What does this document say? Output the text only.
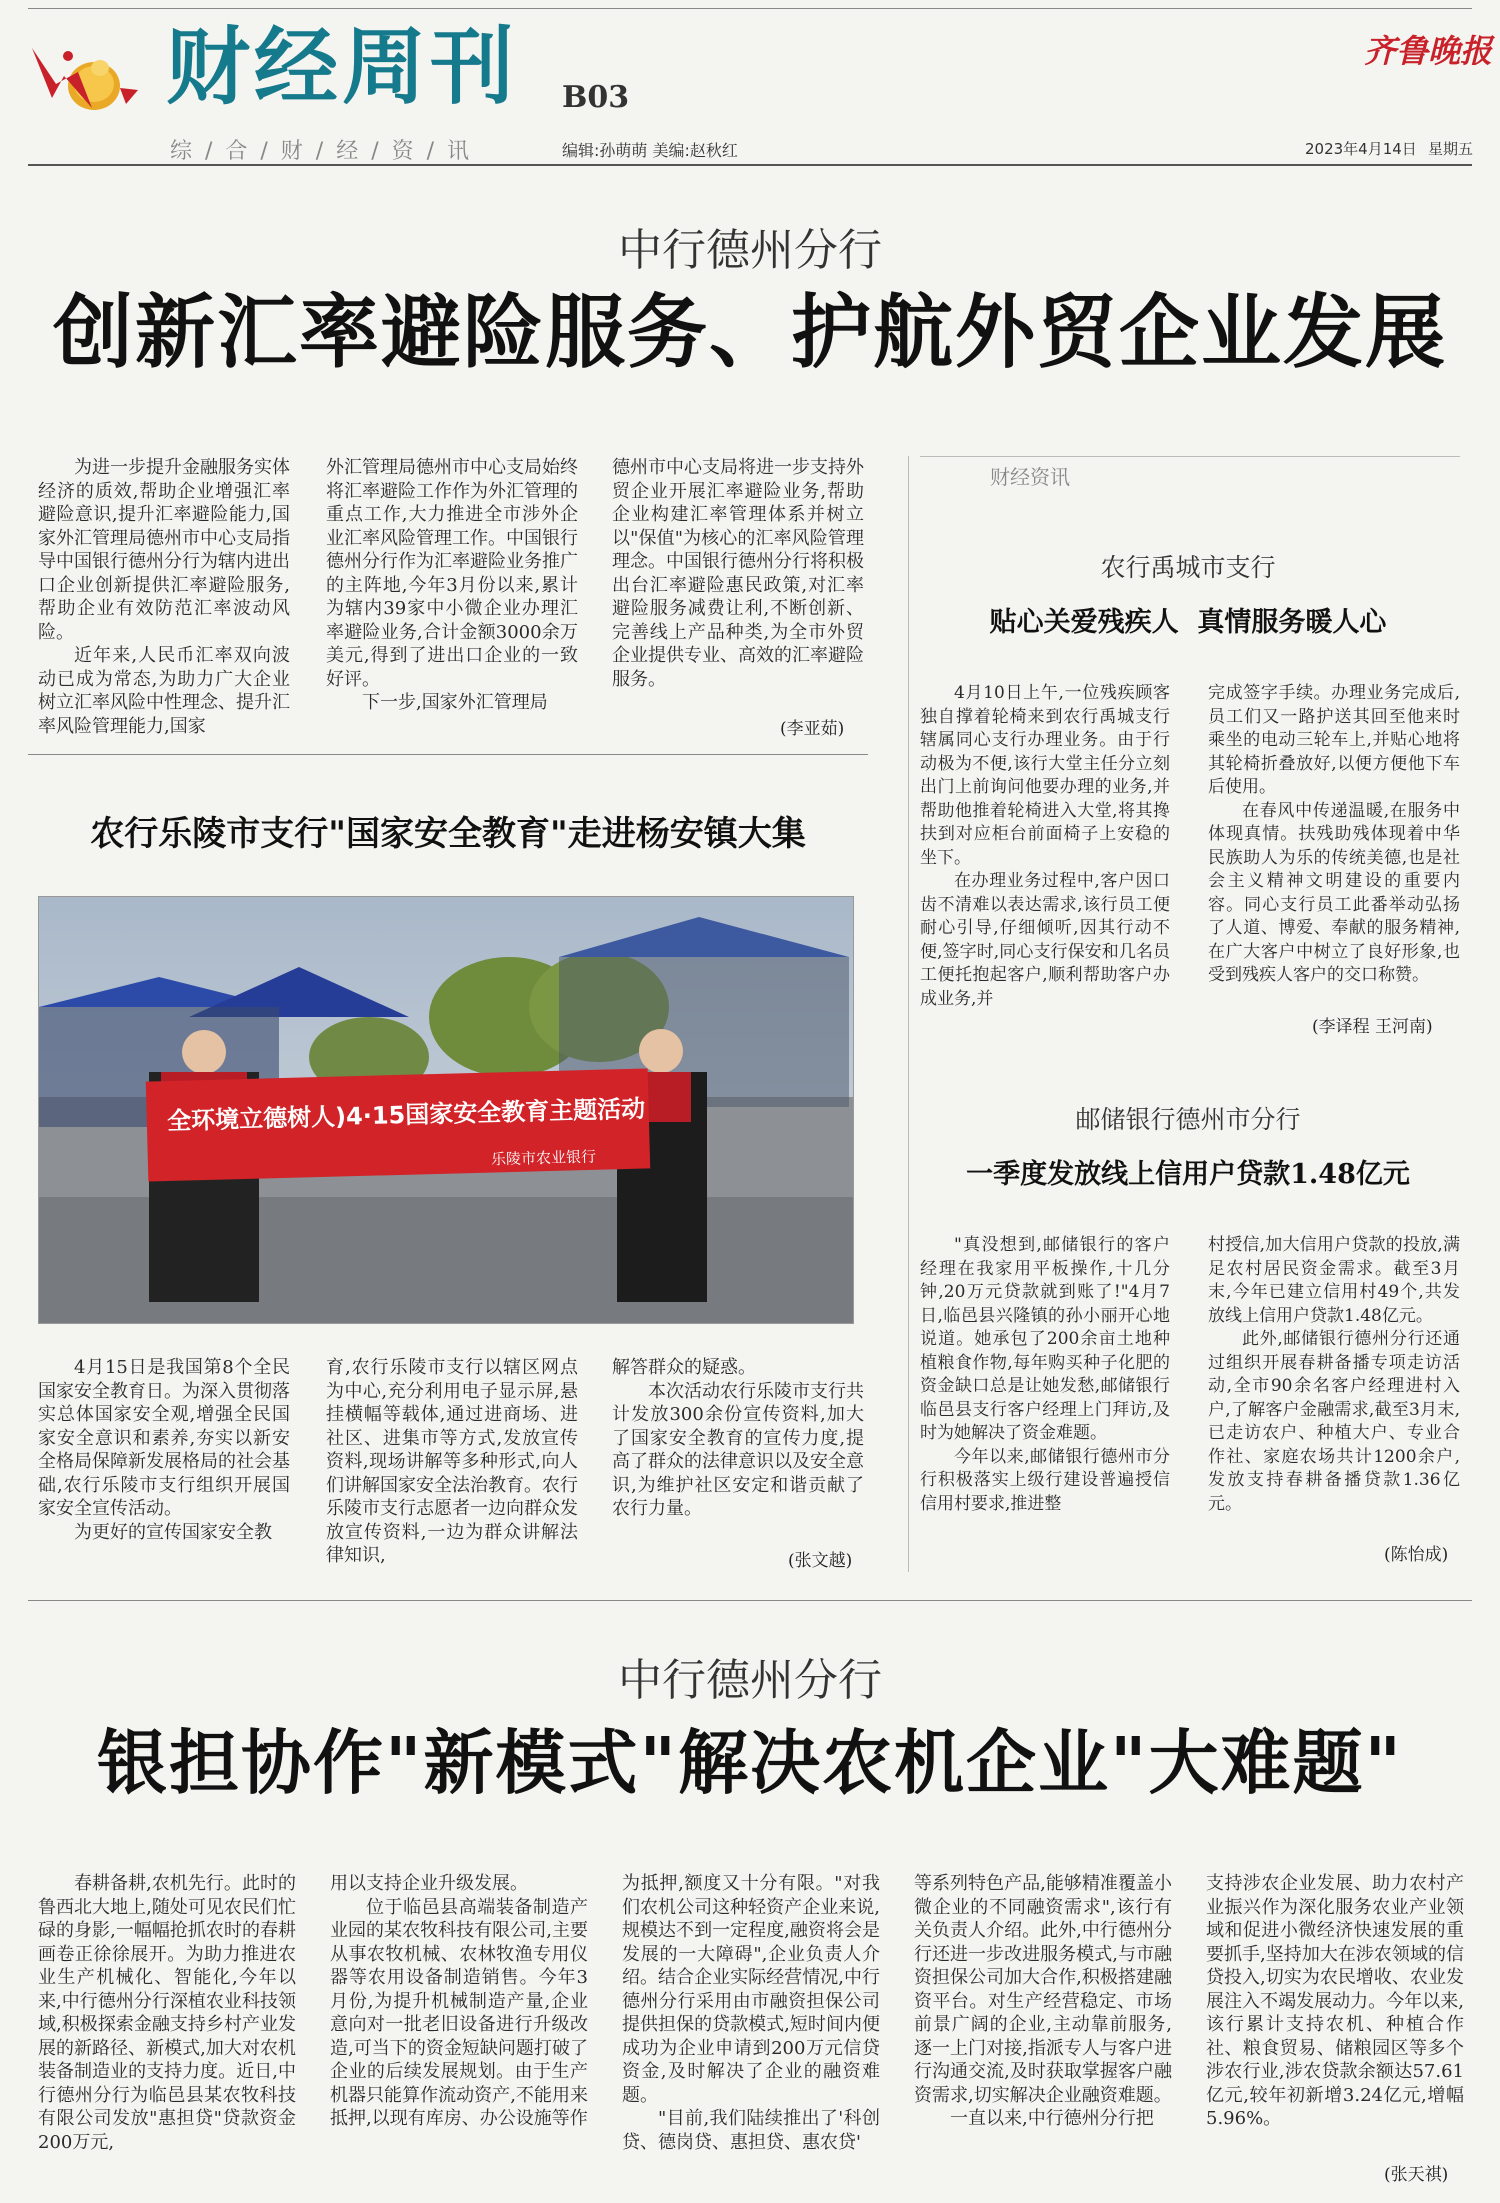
财经周刊 B03
综 / 合 / 财 / 经 / 资 / 讯	编辑:孙萌萌 美编:赵秋红	2023年4月14日 星期五
齐鲁晚报
中行德州分行
创新汇率避险服务、护航外贸企业发展

为进一步提升金融服务实体经济的质效,帮助企业增强汇率避险意识,提升汇率避险能力,国家外汇管理局德州市中心支局指导中国银行德州分行为辖内进出口企业创新提供汇率避险服务,帮助企业有效防范汇率波动风险。

近年来,人民币汇率双向波动已成为常态,为助力广大企业树立汇率风险中性理念、提升汇率风险管理能力,国家

外汇管理局德州市中心支局始终将汇率避险工作作为外汇管理的重点工作,大力推进全市涉外企业汇率风险管理工作。中国银行德州分行作为汇率避险业务推广的主阵地,今年3月份以来,累计为辖内39家中小微企业办理汇率避险业务,合计金额3000余万美元,得到了进出口企业的一致好评。

下一步,国家外汇管理局

德州市中心支局将进一步支持外贸企业开展汇率避险业务,帮助企业构建汇率管理体系并树立以"保值"为核心的汇率风险管理理念。中国银行德州分行将积极出台汇率避险惠民政策,对汇率避险服务减费让利,不断创新、完善线上产品种类,为全市外贸企业提供专业、高效的汇率避险服务。

(李亚茹)
农行乐陵市支行"国家安全教育"走进杨安镇大集
全环境立德树人)4·15国家安全教育主题活动
乐陵市农业银行

4月15日是我国第8个全民国家安全教育日。为深入贯彻落实总体国家安全观,增强全民国家安全意识和素养,夯实以新安全格局保障新发展格局的社会基础,农行乐陵市支行组织开展国家安全宣传活动。

为更好的宣传国家安全教

育,农行乐陵市支行以辖区网点为中心,充分利用电子显示屏,悬挂横幅等载体,通过进商场、进社区、进集市等方式,发放宣传资料,现场讲解等多种形式,向人们讲解国家安全法治教育。农行乐陵市支行志愿者一边向群众发放宣传资料,一边为群众讲解法律知识,

解答群众的疑惑。

本次活动农行乐陵市支行共计发放300余份宣传资料,加大了国家安全教育的宣传力度,提高了群众的法律意识以及安全意识,为维护社区安定和谐贡献了农行力量。

(张文越)
财经资讯
农行禹城市支行
贴心关爱残疾人  真情服务暖人心

4月10日上午,一位残疾顾客独自撑着轮椅来到农行禹城支行辖属同心支行办理业务。由于行动极为不便,该行大堂主任分立刻出门上前询问他要办理的业务,并帮助他推着轮椅进入大堂,将其搀扶到对应柜台前面椅子上安稳的坐下。

在办理业务过程中,客户因口齿不清难以表达需求,该行员工便耐心引导,仔细倾听,因其行动不便,签字时,同心支行保安和几名员工便托抱起客户,顺利帮助客户办成业务,并

完成签字手续。办理业务完成后,员工们又一路护送其回至他来时乘坐的电动三轮车上,并贴心地将其轮椅折叠放好,以便方便他下车后使用。

在春风中传递温暖,在服务中体现真情。扶残助残体现着中华民族助人为乐的传统美德,也是社会主义精神文明建设的重要内容。同心支行员工此番举动弘扬了人道、博爱、奉献的服务精神,在广大客户中树立了良好形象,也受到残疾人客户的交口称赞。

(李译程 王河南)
邮储银行德州市分行
一季度发放线上信用户贷款1.48亿元

"真没想到,邮储银行的客户经理在我家用平板操作,十几分钟,20万元贷款就到账了!"4月7日,临邑县兴隆镇的孙小丽开心地说道。她承包了200余亩土地种植粮食作物,每年购买种子化肥的资金缺口总是让她发愁,邮储银行临邑县支行客户经理上门拜访,及时为她解决了资金难题。

今年以来,邮储银行德州市分行积极落实上级行建设普遍授信信用村要求,推进整

村授信,加大信用户贷款的投放,满足农村居民资金需求。截至3月末,今年已建立信用村49个,共发放线上信用户贷款1.48亿元。

此外,邮储银行德州分行还通过组织开展春耕备播专项走访活动,全市90余名客户经理进村入户,了解客户金融需求,截至3月末,已走访农户、种植大户、专业合作社、家庭农场共计1200余户,发放支持春耕备播贷款1.36亿元。

(陈怡成)
中行德州分行
银担协作"新模式"解决农机企业"大难题"

春耕备耕,农机先行。此时的鲁西北大地上,随处可见农民们忙碌的身影,一幅幅抢抓农时的春耕画卷正徐徐展开。为助力推进农业生产机械化、智能化,今年以来,中行德州分行深植农业科技领域,积极探索金融支持乡村产业发展的新路径、新模式,加大对农机装备制造业的支持力度。近日,中行德州分行为临邑县某农牧科技有限公司发放"惠担贷"贷款资金200万元,

用以支持企业升级发展。

位于临邑县高端装备制造产业园的某农牧科技有限公司,主要从事农牧机械、农林牧渔专用仪器等农用设备制造销售。今年3月份,为提升机械制造产量,企业意向对一批老旧设备进行升级改造,可当下的资金短缺问题打破了企业的后续发展规划。由于生产机器只能算作流动资产,不能用来抵押,以现有库房、办公设施等作

为抵押,额度又十分有限。"对我们农机公司这种轻资产企业来说,规模达不到一定程度,融资将会是发展的一大障碍",企业负责人介绍。结合企业实际经营情况,中行德州分行采用由市融资担保公司提供担保的贷款模式,短时间内便成功为企业申请到200万元信贷资金,及时解决了企业的融资难题。

"目前,我们陆续推出了'科创贷、德岗贷、惠担贷、惠农贷'

等系列特色产品,能够精准覆盖小微企业的不同融资需求",该行有关负责人介绍。此外,中行德州分行还进一步改进服务模式,与市融资担保公司加大合作,积极搭建融资平台。对生产经营稳定、市场前景广阔的企业,主动靠前服务,逐一上门对接,指派专人与客户进行沟通交流,及时获取掌握客户融资需求,切实解决企业融资难题。

一直以来,中行德州分行把

支持涉农企业发展、助力农村产业振兴作为深化服务农业产业领域和促进小微经济快速发展的重要抓手,坚持加大在涉农领域的信贷投入,切实为农民增收、农业发展注入不竭发展动力。今年以来,该行累计支持农机、种植合作社、粮食贸易、储粮园区等多个涉农行业,涉农贷款余额达57.61亿元,较年初新增3.24亿元,增幅5.96%。

(张天祺)
